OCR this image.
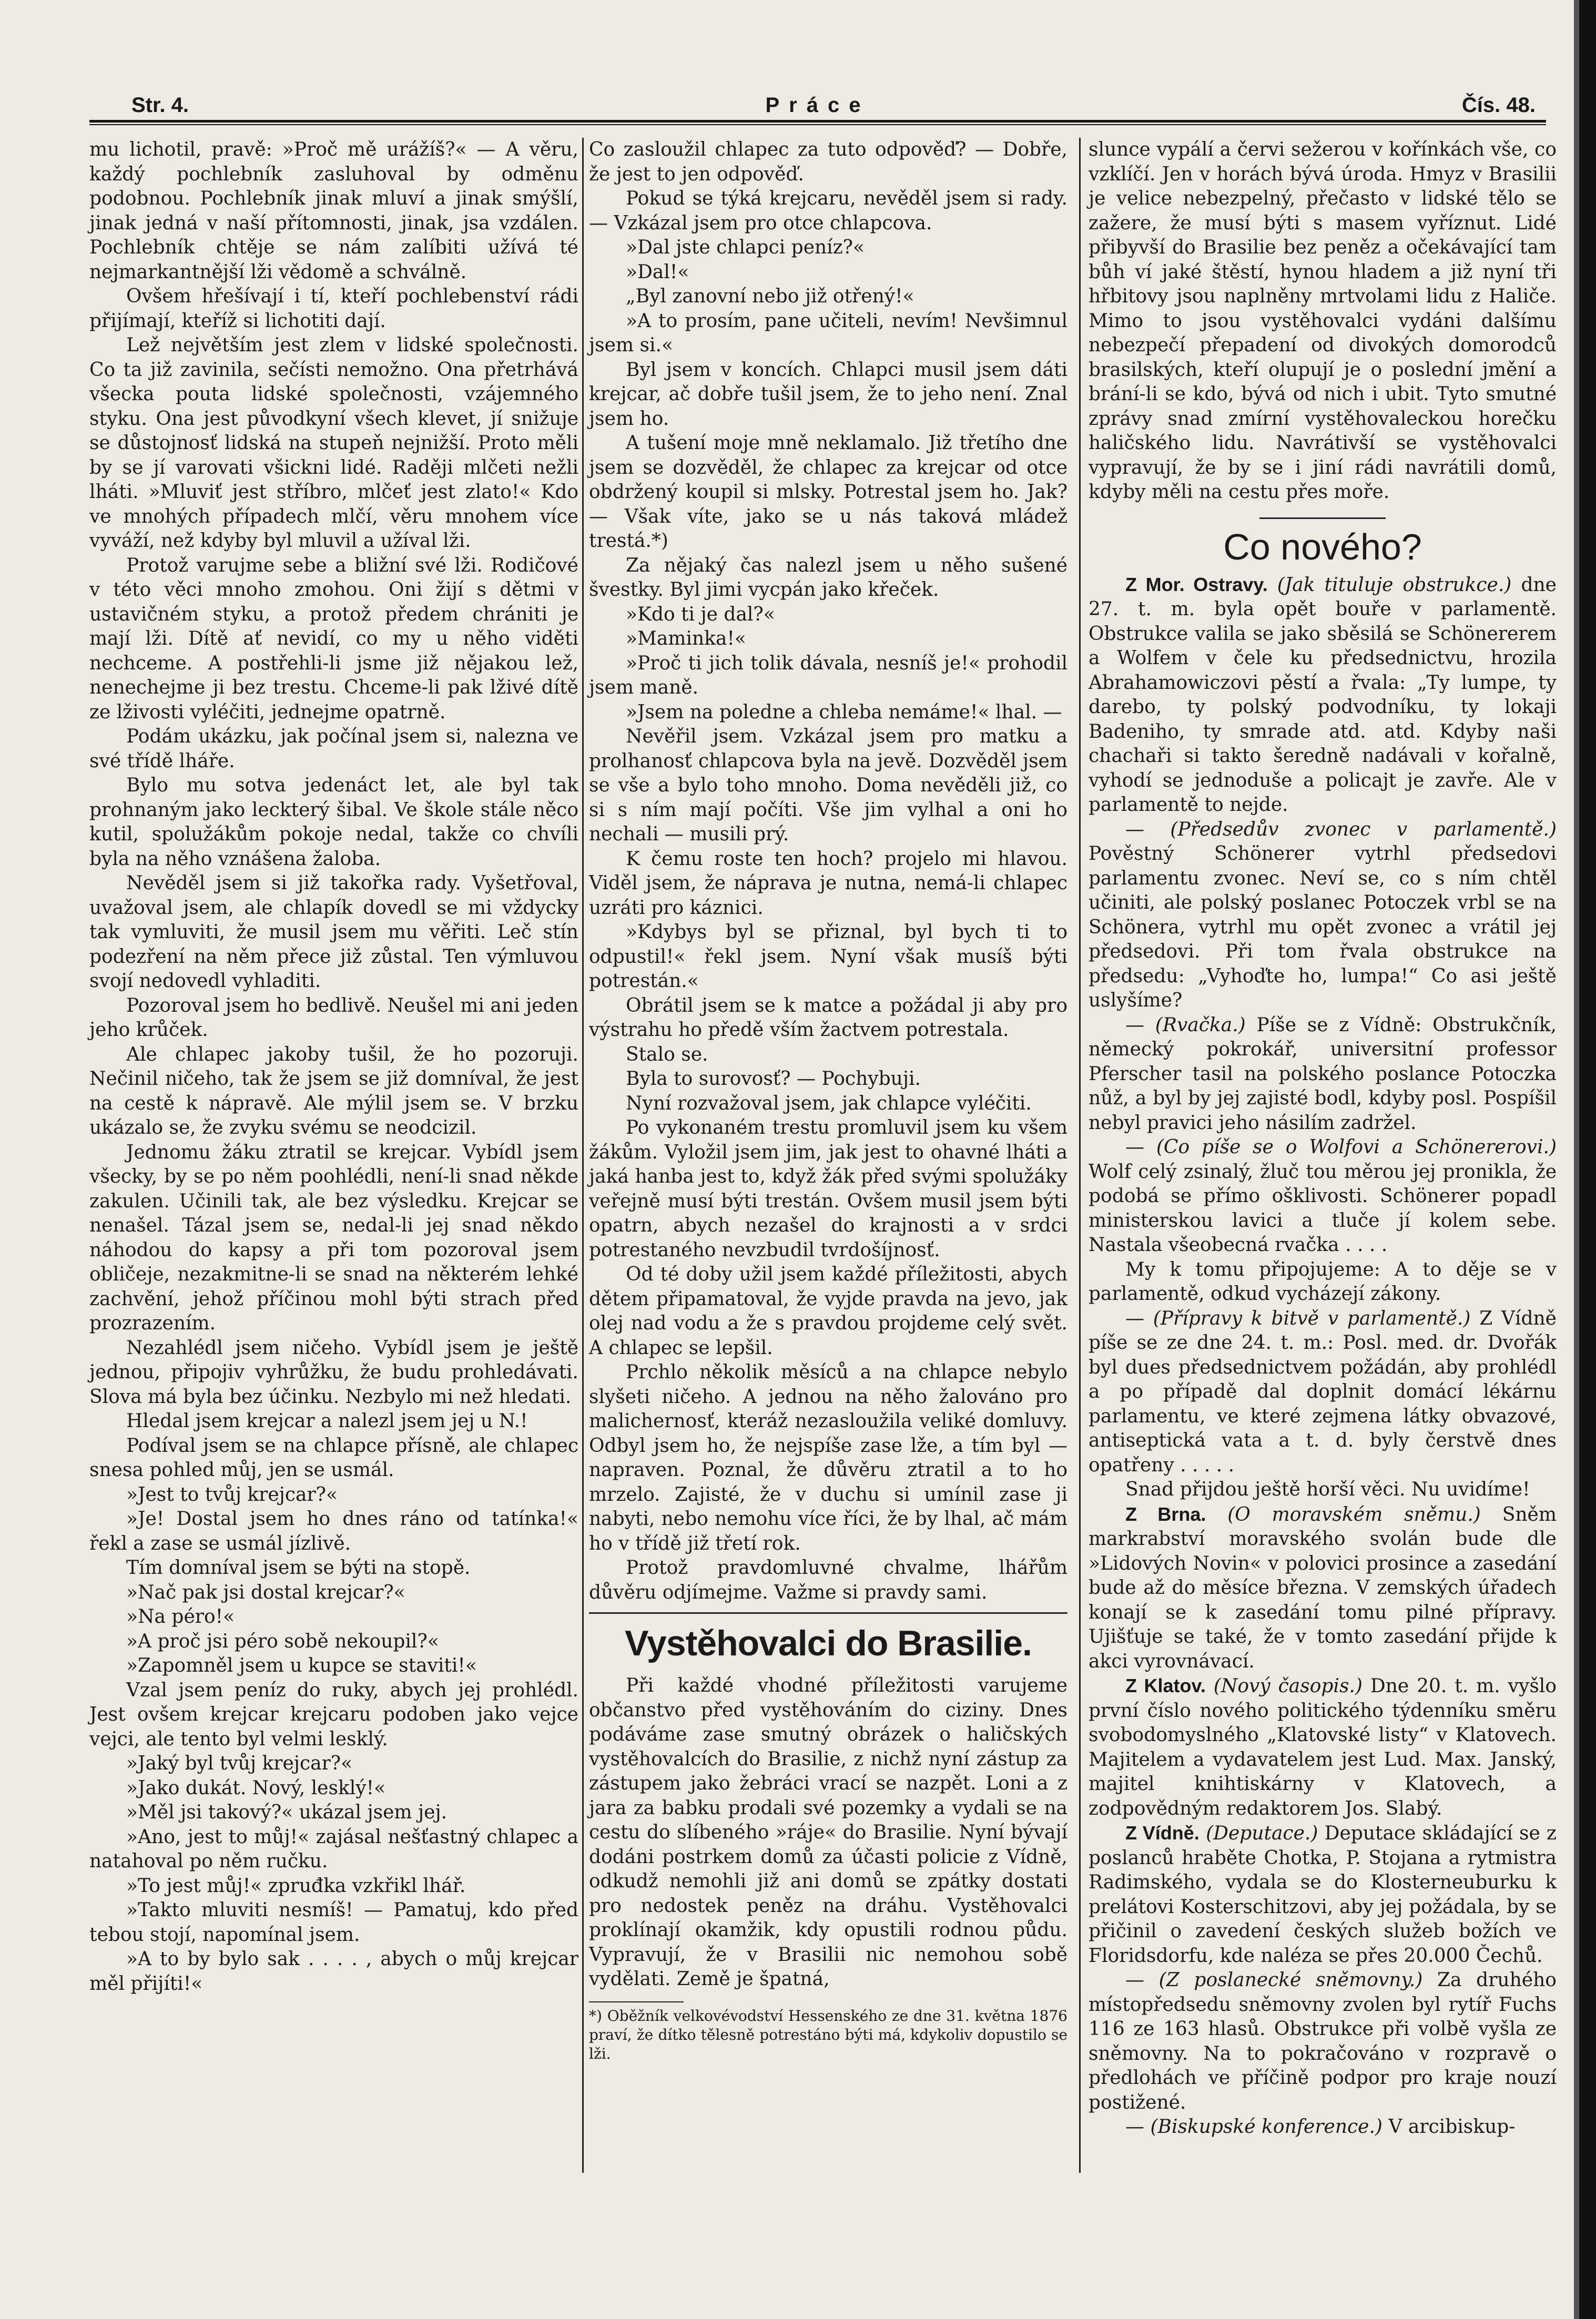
Str. 4.	Práce	Čís. 48.

mu lichotil, pravě: »Proč mě urážíš?« — A věru, každý pochlebník zasluhoval by odměnu podobnou. Pochlebník jinak mluví a jinak smýšlí, jinak jedná v naší přítomnosti, jinak, jsa vzdálen. Pochlebník chtěje se nám zalíbiti užívá té nejmarkantnější lži vědomě a schválně.

Ovšem hřešívají i tí, kteří pochlebenství rádi přijímají, kteříž si lichotiti dají.

Lež největším jest zlem v lidské společnosti. Co ta již zavinila, sečísti nemožno. Ona přetrhává všecka pouta lidské společnosti, vzájemného styku. Ona jest původkyní všech klevet, jí snižuje se důstojnosť lidská na stupeň nejnižší. Proto měli by se jí varovati všickni lidé. Raději mlčeti nežli lháti. »Mluviť jest stříbro, mlčeť jest zlato!« Kdo ve mnohých případech mlčí, věru mnohem více vyváží, než kdyby byl mluvil a užíval lži.

Protož varujme sebe a bližní své lži. Rodičové v této věci mnoho zmohou. Oni žijí s dětmi v ustavičném styku, a protož předem chrániti je mají lži. Dítě ať nevidí, co my u něho viděti nechceme. A postřehli-li jsme již nějakou lež, nenechejme ji bez trestu. Chceme-li pak lživé dítě ze lživosti vyléčiti, jednejme opatrně.

Podám ukázku, jak počínal jsem si, nalezna ve své třídě lháře.

Bylo mu sotva jedenáct let, ale byl tak prohnaným jako leckterý šibal. Ve škole stále něco kutil, spolužákům pokoje nedal, takže co chvíli byla na něho vznášena žaloba.

Nevěděl jsem si již takořka rady. Vyšetřoval, uvažoval jsem, ale chlapík dovedl se mi vždycky tak vymluviti, že musil jsem mu věřiti. Leč stín podezření na něm přece již zůstal. Ten výmluvou svojí nedovedl vyhladiti.

Pozoroval jsem ho bedlivě. Neušel mi ani jeden jeho krůček.

Ale chlapec jakoby tušil, že ho pozoruji. Nečinil ničeho, tak že jsem se již domníval, že jest na cestě k nápravě. Ale mýlil jsem se. V brzku ukázalo se, že zvyku svému se neodcizil.

Jednomu žáku ztratil se krejcar. Vybídl jsem všecky, by se po něm poohlédli, není-li snad někde zakulen. Učinili tak, ale bez výsledku. Krejcar se nenašel. Tázal jsem se, nedal-li jej snad někdo náhodou do kapsy a při tom pozoroval jsem obličeje, nezakmitne-li se snad na některém lehké zachvění, jehož příčinou mohl býti strach před prozrazením.

Nezahlédl jsem ničeho. Vybídl jsem je ještě jednou, připojiv vyhrůžku, že budu prohledávati. Slova má byla bez účinku. Nezbylo mi než hledati.

Hledal jsem krejcar a nalezl jsem jej u N.!

Podíval jsem se na chlapce přísně, ale chlapec snesa pohled můj, jen se usmál.

»Jest to tvůj krejcar?«

»Je! Dostal jsem ho dnes ráno od tatínka!« řekl a zase se usmál jízlivě.

Tím domníval jsem se býti na stopě.

»Nač pak jsi dostal krejcar?«

»Na péro!«

»A proč jsi péro sobě nekoupil?«

»Zapomněl jsem u kupce se staviti!«

Vzal jsem peníz do ruky, abych jej prohlédl. Jest ovšem krejcar krejcaru podoben jako vejce vejci, ale tento byl velmi lesklý.

»Jaký byl tvůj krejcar?«

»Jako dukát. Nový, lesklý!«

»Měl jsi takový?« ukázal jsem jej.

»Ano, jest to můj!« zajásal nešťastný chlapec a natahoval po něm ručku.

»To jest můj!« zpruđka vzkřikl lhář.

»Takto mluviti nesmíš! — Pamatuj, kdo před tebou stojí, napomínal jsem.

»A to by bylo sak . . . . , abych o můj krejcar měl přijíti!«

Co zasloužil chlapec za tuto odpověď? — Dobře, že jest to jen odpověď.

Pokud se týká krejcaru, nevěděl jsem si rady. — Vzkázal jsem pro otce chlapcova.

»Dal jste chlapci peníz?«

»Dal!«

„Byl zanovní nebo již otřený!«

»A to prosím, pane učiteli, nevím! Nevšimnul jsem si.«

Byl jsem v koncích. Chlapci musil jsem dáti krejcar, ač dobře tušil jsem, že to jeho není. Znal jsem ho.

A tušení moje mně neklamalo. Již třetího dne jsem se dozvěděl, že chlapec za krejcar od otce obdržený koupil si mlsky. Potrestal jsem ho. Jak? — Však víte, jako se u nás taková mládež trestá.*)

Za nějaký čas nalezl jsem u něho sušené švestky. Byl jimi vycpán jako křeček.

»Kdo ti je dal?«

»Maminka!«

»Proč ti jich tolik dávala, nesníš je!« prohodil jsem maně.

»Jsem na poledne a chleba nemáme!« lhal. —

Nevěřil jsem. Vzkázal jsem pro matku a prolhanosť chlapcova byla na jevě. Dozvěděl jsem se vše a bylo toho mnoho. Doma nevěděli již, co si s ním mají počíti. Vše jim vylhal a oni ho nechali — musili prý.

K čemu roste ten hoch? projelo mi hlavou. Viděl jsem, že náprava je nutna, nemá-li chlapec uzráti pro káznici.

»Kdybys byl se přiznal, byl bych ti to odpustil!« řekl jsem. Nyní však musíš býti potrestán.«

Obrátil jsem se k matce a požádal ji aby pro výstrahu ho předě vším žactvem potrestala.

Stalo se.

Byla to surovosť? — Pochybuji.

Nyní rozvažoval jsem, jak chlapce vyléčiti.

Po vykonaném trestu promluvil jsem ku všem žákům. Vyložil jsem jim, jak jest to ohavné lháti a jaká hanba jest to, když žák před svými spolužáky veřejně musí býti trestán. Ovšem musil jsem býti opatrn, abych nezašel do krajnosti a v srdci potrestaného nevzbudil tvrdošíjnosť.

Od té doby užil jsem každé příležitosti, abych dětem připamatoval, že vyjde pravda na jevo, jak olej nad vodu a že s pravdou projdeme celý svět. A chlapec se lepšil.

Prchlo několik měsíců a na chlapce nebylo slyšeti ničeho. A jednou na něho žalováno pro malichernosť, kteráž nezasloužila veliké domluvy. Odbyl jsem ho, že nejspíše zase lže, a tím byl — napraven. Poznal, že důvěru ztratil a to ho mrzelo. Zajisté, že v duchu si umínil zase ji nabyti, nebo nemohu více říci, že by lhal, ač mám ho v třídě již třetí rok.

Protož pravdomluvné chvalme, lhářům důvěru odjímejme. Važme si pravdy sami.

Vystěhovalci do Brasilie.

Při každé vhodné příležitosti varujeme občanstvo před vystěhováním do ciziny. Dnes podáváme zase smutný obrázek o haličských vystěhovalcích do Brasilie, z nichž nyní zástup za zástupem jako žebráci vrací se nazpět. Loni a z jara za babku prodali své pozemky a vydali se na cestu do slíbeného »ráje« do Brasilie. Nyní bývají dodáni postrkem domů za účasti policie z Vídně, odkudž nemohli již ani domů se zpátky dostati pro nedostek peněz na dráhu. Vystěhovalci proklínají okamžik, kdy opustili rodnou půdu. Vypravují, že v Brasilii nic nemohou sobě vydělati. Země je špatná,

*) Oběžník velkovévodství Hessenského ze dne 31. května 1876 praví, že dítko tělesně potrestáno býti má, kdykoliv dopustilo se lži.

slunce vypálí a červi sežerou v kořínkách vše, co vzklíčí. Jen v horách bývá úroda. Hmyz v Brasilii je velice nebezpelný, přečasto v lidské tělo se zažere, že musí býti s masem vyříznut. Lidé přibyvší do Brasilie bez peněz a očekávající tam bůh ví jaké štěstí, hynou hladem a již nyní tři hřbitovy jsou naplněny mrtvolami lidu z Haliče. Mimo to jsou vystěhovalci vydáni dalšímu nebezpečí přepadení od divokých domorodců brasilských, kteří olupují je o poslední jmění a brání-li se kdo, bývá od nich i ubit. Tyto smutné zprávy snad zmírní vystěhovaleckou horečku haličského lidu. Navrátivší se vystěhovalci vypravují, že by se i jiní rádi navrátili domů, kdyby měli na cestu přes moře.

Co nového?

Z Mor. Ostravy. (Jak tituluje obstrukce.) dne 27. t. m. byla opět bouře v parlamentě. Obstrukce valila se jako sběsilá se Schönererem a Wolfem v čele ku předsednictvu, hrozila Abrahamowiczovi pěstí a řvala: „Ty lumpe, ty darebo, ty polský podvodníku, ty lokaji Badeniho, ty smrade atd. atd. Kdyby naši chachaři si takto šeredně nadávali v kořalně, vyhodí se jednoduše a policajt je zavře. Ale v parlamentě to nejde.

— (Předsedův zvonec v parlamentě.) Pověstný Schönerer vytrhl předsedovi parlamentu zvonec. Neví se, co s ním chtěl učiniti, ale polský poslanec Potoczek vrbl se na Schönera, vytrhl mu opět zvonec a vrátil jej předsedovi. Při tom řvala obstrukce na předsedu: „Vyhoďte ho, lumpa!“ Co asi ještě uslyšíme?

— (Rvačka.) Píše se z Vídně: Obstrukčník, německý pokrokář, universitní professor Pferscher tasil na polského poslance Potoczka nůž, a byl by jej zajisté bodl, kdyby posl. Pospíšil nebyl pravici jeho násilím zadržel.

— (Co píše se o Wolfovi a Schönererovi.) Wolf celý zsinalý, žluč tou měrou jej pronikla, že podobá se přímo ošklivosti. Schönerer popadl ministerskou lavici a tluče jí kolem sebe. Nastala všeobecná rvačka . . . .

My k tomu připojujeme: A to děje se v parlamentě, odkud vycházejí zákony.

— (Přípravy k bitvě v parlamentě.) Z Vídně píše se ze dne 24. t. m.: Posl. med. dr. Dvořák byl dues předsednictvem požádán, aby prohlédl a po případě dal doplnit domácí lékárnu parlamentu, ve které zejmena látky obvazové, antiseptická vata a t. d. byly čerstvě dnes opatřeny . . . . .

Snad přijdou ještě horší věci. Nu uvidíme!

Z Brna. (O moravském sněmu.) Sněm markrabství moravského svolán bude dle »Lidových Novin« v polovici prosince a zasedání bude až do měsíce března. V zemských úřadech konají se k zasedání tomu pilné přípravy. Ujišťuje se také, že v tomto zasedání přijde k akci vyrovnávací.

Z Klatov. (Nový časopis.) Dne 20. t. m. vyšlo první číslo nového politického týdenníku směru svobodomyslného „Klatovské listy“ v Klatovech. Majitelem a vydavatelem jest Lud. Max. Janský, majitel knihtiskárny v Klatovech, a zodpovědným redaktorem Jos. Slabý.

Z Vídně. (Deputace.) Deputace skládající se z poslanců hraběte Chotka, P. Stojana a rytmistra Radimského, vydala se do Klosterneuburku k prelátovi Kosterschitzovi, aby jej požádala, by se přičinil o zavedení českých služeb božích ve Floridsdorfu, kde naléza se přes 20.000 Čechů.

— (Z poslanecké sněmovny.) Za druhého místopředsedu sněmovny zvolen byl rytíř Fuchs 116 ze 163 hlasů. Obstrukce při volbě vyšla ze sněmovny. Na to pokračováno v rozpravě o předlohách ve příčině podpor pro kraje nouzí postižené.

— (Biskupské konference.) V arcibiskup-
